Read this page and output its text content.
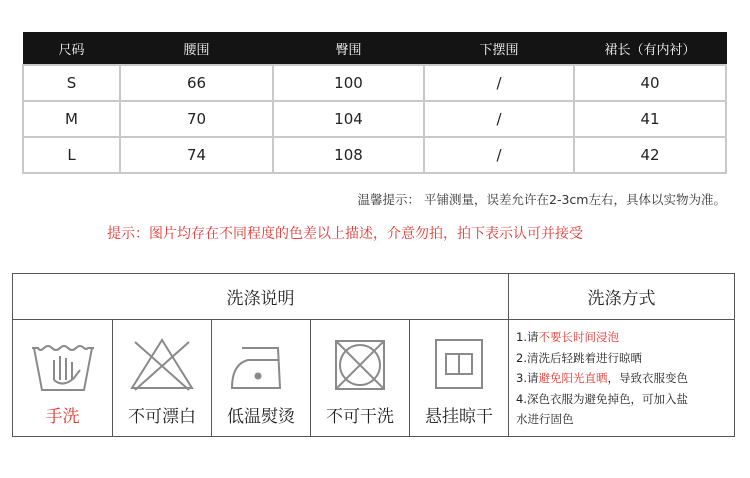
尺码	腰围	臀围	下摆围	裙长（有内衬）
S	66	100	/	40
M	70	104	/	41
L	74	108	/	42
温馨提示： 平铺测量，误差允许在2-3cm左右，具体以实物为准。
提示：图片均存在不同程度的色差以上描述，介意勿拍，拍下表示认可并接受
洗涤说明	洗涤方式
手洗	不可漂白	低温熨烫	不可干洗	悬挂晾干
1.请不要长时间浸泡
2.清洗后轻跳着进行晾晒
3.请避免阳光直晒，导致衣服变色
4.深色衣服为避免掉色，可加入盐
水进行固色
